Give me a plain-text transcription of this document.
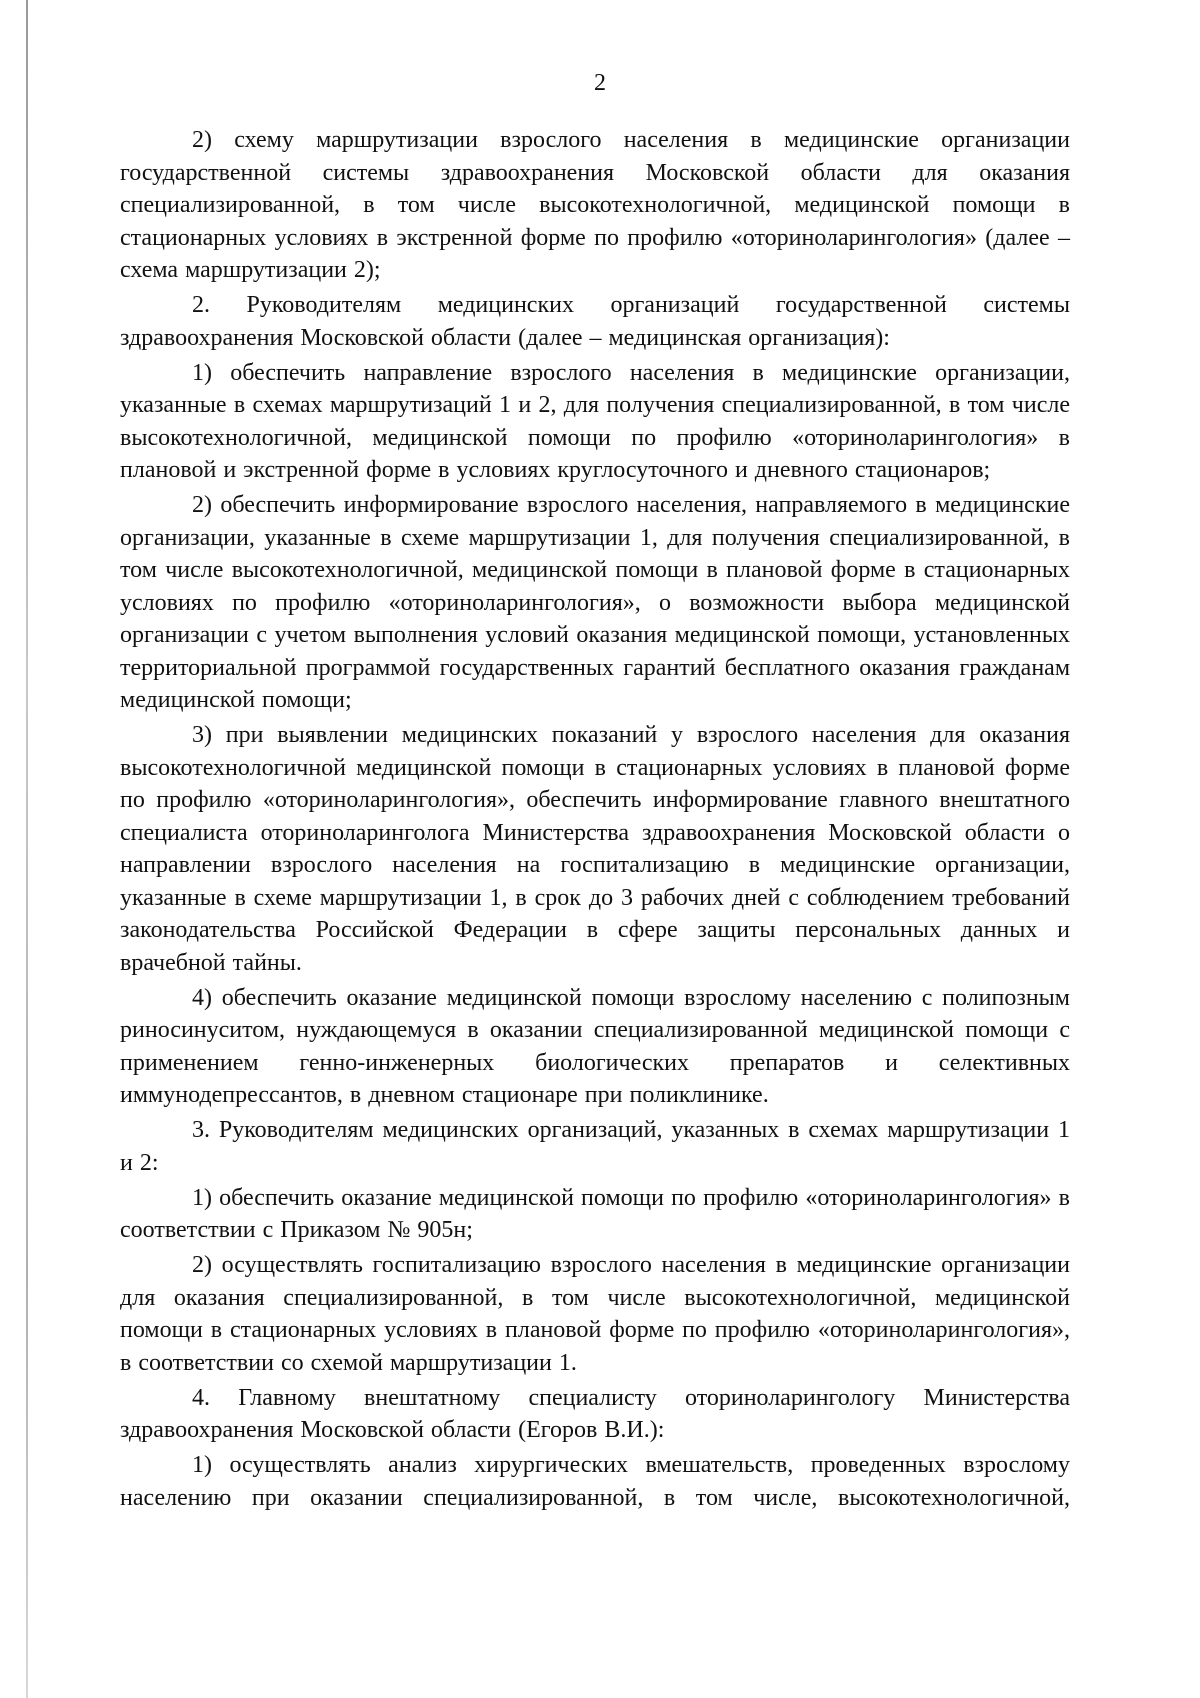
2

2) схему маршрутизации взрослого населения в медицинские организации государственной системы здравоохранения Московской области для оказания специализированной, в том числе высокотехнологичной, медицинской помощи в стационарных условиях в экстренной форме по профилю «оториноларингология» (далее – схема маршрутизации 2);

2. Руководителям медицинских организаций государственной системы здравоохранения Московской области (далее – медицинская организация):

1) обеспечить направление взрослого населения в медицинские организации, указанные в схемах маршрутизаций 1 и 2, для получения специализированной, в том числе высокотехнологичной, медицинской помощи по профилю «оториноларингология» в плановой и экстренной форме в условиях круглосуточного и дневного стационаров;

2) обеспечить информирование взрослого населения, направляемого в медицинские организации, указанные в схеме маршрутизации 1, для получения специализированной, в том числе высокотехнологичной, медицинской помощи в плановой форме в стационарных условиях по профилю «оториноларингология», о возможности выбора медицинской организации с учетом выполнения условий оказания медицинской помощи, установленных территориальной программой государственных гарантий бесплатного оказания гражданам медицинской помощи;

3) при выявлении медицинских показаний у взрослого населения для оказания высокотехнологичной медицинской помощи в стационарных условиях в плановой форме по профилю «оториноларингология», обеспечить информирование главного внештатного специалиста оториноларинголога Министерства здравоохранения Московской области о направлении взрослого населения на госпитализацию в медицинские организации, указанные в схеме маршрутизации 1, в срок до 3 рабочих дней с соблюдением требований законодательства Российской Федерации в сфере защиты персональных данных и врачебной тайны.

4) обеспечить оказание медицинской помощи взрослому населению с полипозным риносинуситом, нуждающемуся в оказании специализированной медицинской помощи с применением генно-инженерных биологических препаратов и селективных иммунодепрессантов, в дневном стационаре при поликлинике.

3. Руководителям медицинских организаций, указанных в схемах маршрутизации 1 и 2:

1) обеспечить оказание медицинской помощи по профилю «оториноларингология» в соответствии с Приказом № 905н;

2) осуществлять госпитализацию взрослого населения в медицинские организации для оказания специализированной, в том числе высокотехнологичной, медицинской помощи в стационарных условиях в плановой форме по профилю «оториноларингология», в соответствии со схемой маршрутизации 1.

4. Главному внештатному специалисту оториноларингологу Министерства здравоохранения Московской области (Егоров В.И.):

1) осуществлять анализ хирургических вмешательств, проведенных взрослому населению при оказании специализированной, в том числе, высокотехнологичной,
